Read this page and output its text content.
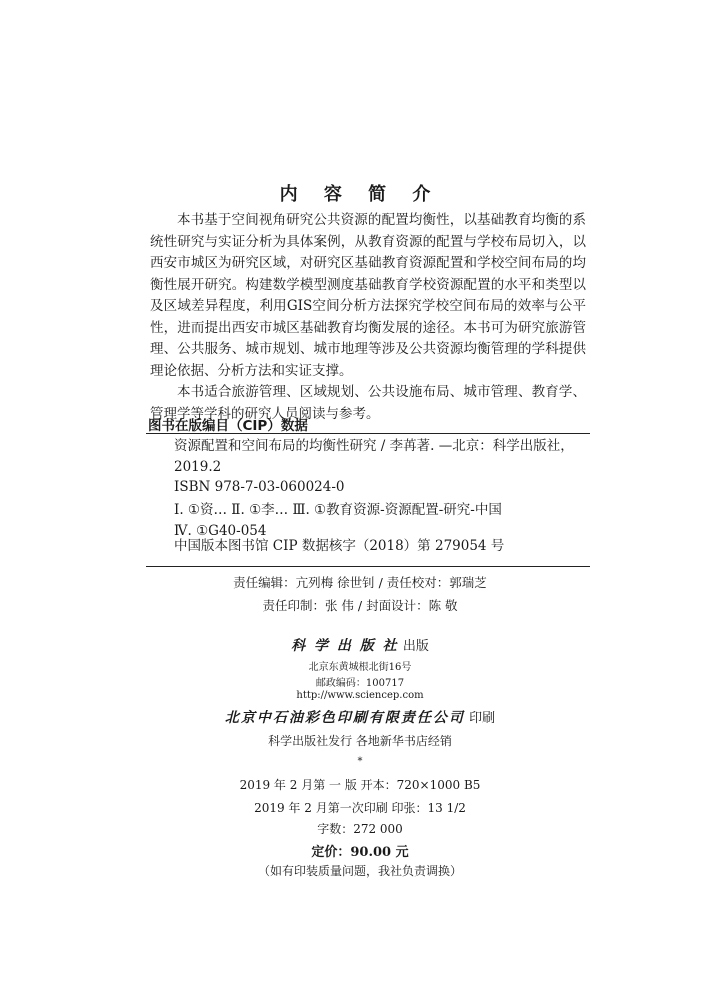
内 容 简 介

本书基于空间视角研究公共资源的配置均衡性，以基础教育均衡的系统性研究与实证分析为具体案例，从教育资源的配置与学校布局切入，以西安市城区为研究区域，对研究区基础教育资源配置和学校空间布局的均衡性展开研究。构建数学模型测度基础教育学校资源配置的水平和类型以及区域差异程度，利用GIS空间分析方法探究学校空间布局的效率与公平性，进而提出西安市城区基础教育均衡发展的途径。本书可为研究旅游管理、公共服务、城市规划、城市地理等涉及公共资源均衡管理的学科提供理论依据、分析方法和实证支撑。

本书适合旅游管理、区域规划、公共设施布局、城市管理、教育学、管理学等学科的研究人员阅读与参考。

图书在版编目（CIP）数据
资源配置和空间布局的均衡性研究 / 李苒著. —北京：科学出版社，2019.2
ISBN 978-7-03-060024-0
Ⅰ. ①资… Ⅱ. ①李… Ⅲ. ①教育资源-资源配置-研究-中国
Ⅳ. ①G40-054
中国版本图书馆 CIP 数据核字（2018）第 279054 号
责任编辑：亢列梅 徐世钊 / 责任校对：郭瑞芝
责任印制：张 伟 / 封面设计：陈 敬
科 学 出 版 社 出版
北京东黄城根北街16号
邮政编码：100717
http://www.sciencep.com
北京中石油彩色印刷有限责任公司 印刷
科学出版社发行 各地新华书店经销
*
2019 年 2 月第 一 版 开本：720×1000 B5
2019 年 2 月第一次印刷 印张：13 1/2
字数：272 000
定价：90.00 元
（如有印装质量问题，我社负责调换）
